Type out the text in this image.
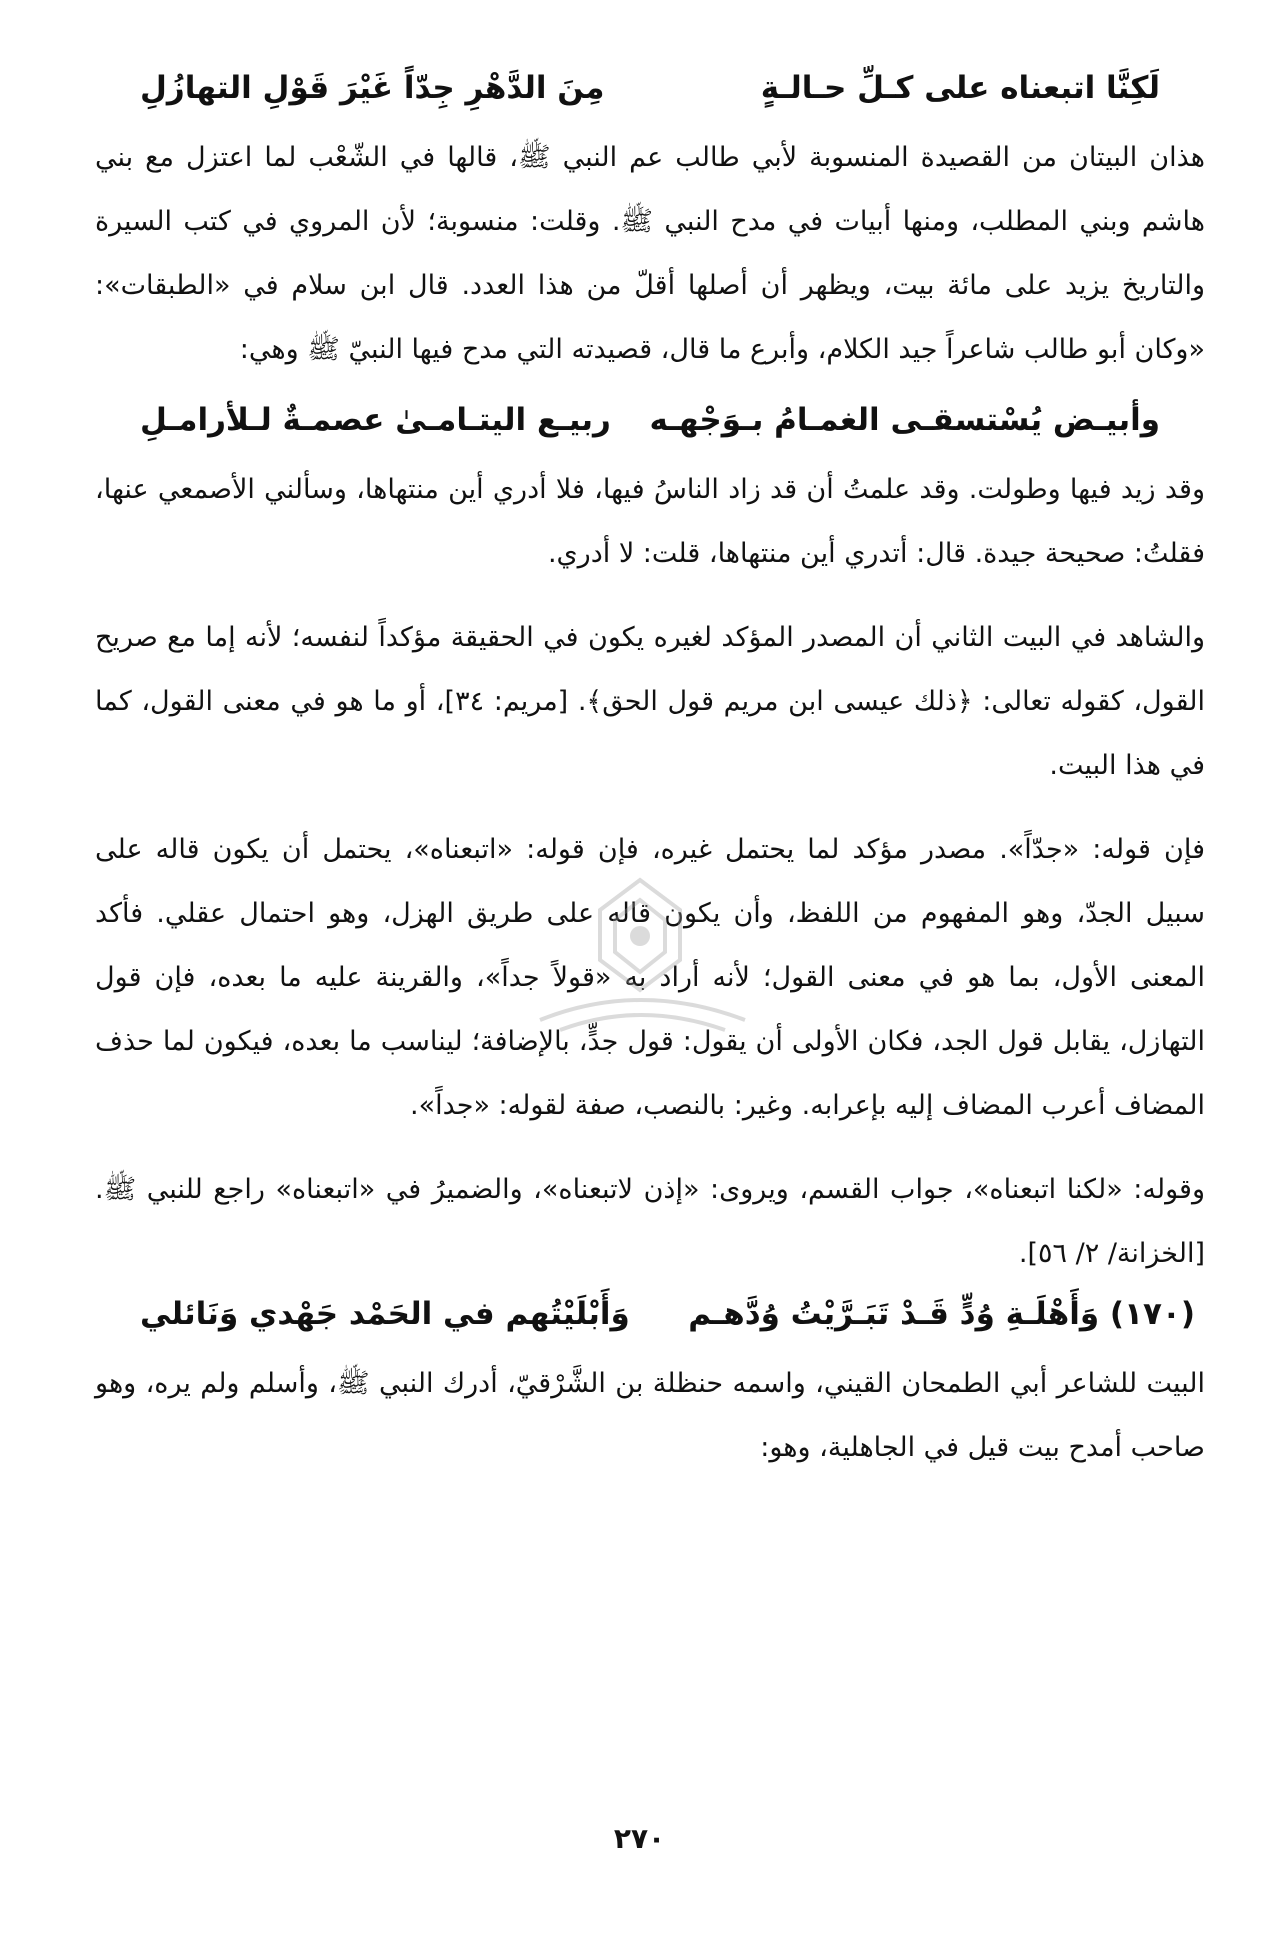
لَكِنَّا اتبعناه على كـلِّ حـالـةٍ
مِنَ الدَّهْرِ جِدّاً غَيْرَ قَوْلِ التهازُلِ

هذان البيتان من القصيدة المنسوبة لأبي طالب عم النبي ﷺ، قالها في الشّعْب لما اعتزل مع بني هاشم وبني المطلب، ومنها أبيات في مدح النبي ﷺ. وقلت: منسوبة؛ لأن المروي في كتب السيرة والتاريخ يزيد على مائة بيت، ويظهر أن أصلها أقلّ من هذا العدد. قال ابن سلام في «الطبقات»: «وكان أبو طالب شاعراً جيد الكلام، وأبرع ما قال، قصيدته التي مدح فيها النبيّ ﷺ وهي:

وأبيـض يُسْتسقـى الغمـامُ بـوَجْهـه
ربيـع اليتـامـىٰ عصمـةٌ لـلأرامـلِ

وقد زيد فيها وطولت. وقد علمتُ أن قد زاد الناسُ فيها، فلا أدري أين منتهاها، وسألني الأصمعي عنها، فقلتُ: صحيحة جيدة. قال: أتدري أين منتهاها، قلت: لا أدري.

والشاهد في البيت الثاني أن المصدر المؤكد لغيره يكون في الحقيقة مؤكداً لنفسه؛ لأنه إما مع صريح القول، كقوله تعالى: ﴿ذلك عيسى ابن مريم قول الحق﴾. [مريم: ٣٤]، أو ما هو في معنى القول، كما في هذا البيت.

فإن قوله: «جدّاً». مصدر مؤكد لما يحتمل غيره، فإن قوله: «اتبعناه»، يحتمل أن يكون قاله على سبيل الجدّ، وهو المفهوم من اللفظ، وأن يكون قاله على طريق الهزل، وهو احتمال عقلي. فأكد المعنى الأول، بما هو في معنى القول؛ لأنه أراد به «قولاً جداً»، والقرينة عليه ما بعده، فإن قول التهازل، يقابل قول الجد، فكان الأولى أن يقول: قول جدٍّ، بالإضافة؛ ليناسب ما بعده، فيكون لما حذف المضاف أعرب المضاف إليه بإعرابه. وغير: بالنصب، صفة لقوله: «جداً».

وقوله: «لكنا اتبعناه»، جواب القسم، ويروى: «إذن لاتبعناه»، والضميرُ في «اتبعناه» راجع للنبي ﷺ. [الخزانة/ ٢/ ٥٦].

(١٧٠) وَأَهْلَـةِ وُدٍّ قَـدْ تَبَـرَّيْتُ وُدَّهـم
وَأَبْلَيْتُهم في الحَمْد جَهْدي وَنَائلي

البيت للشاعر أبي الطمحان القيني، واسمه حنظلة بن الشَّرْقيّ، أدرك النبي ﷺ، وأسلم ولم يره، وهو صاحب أمدح بيت قيل في الجاهلية، وهو:

٢٧٠
